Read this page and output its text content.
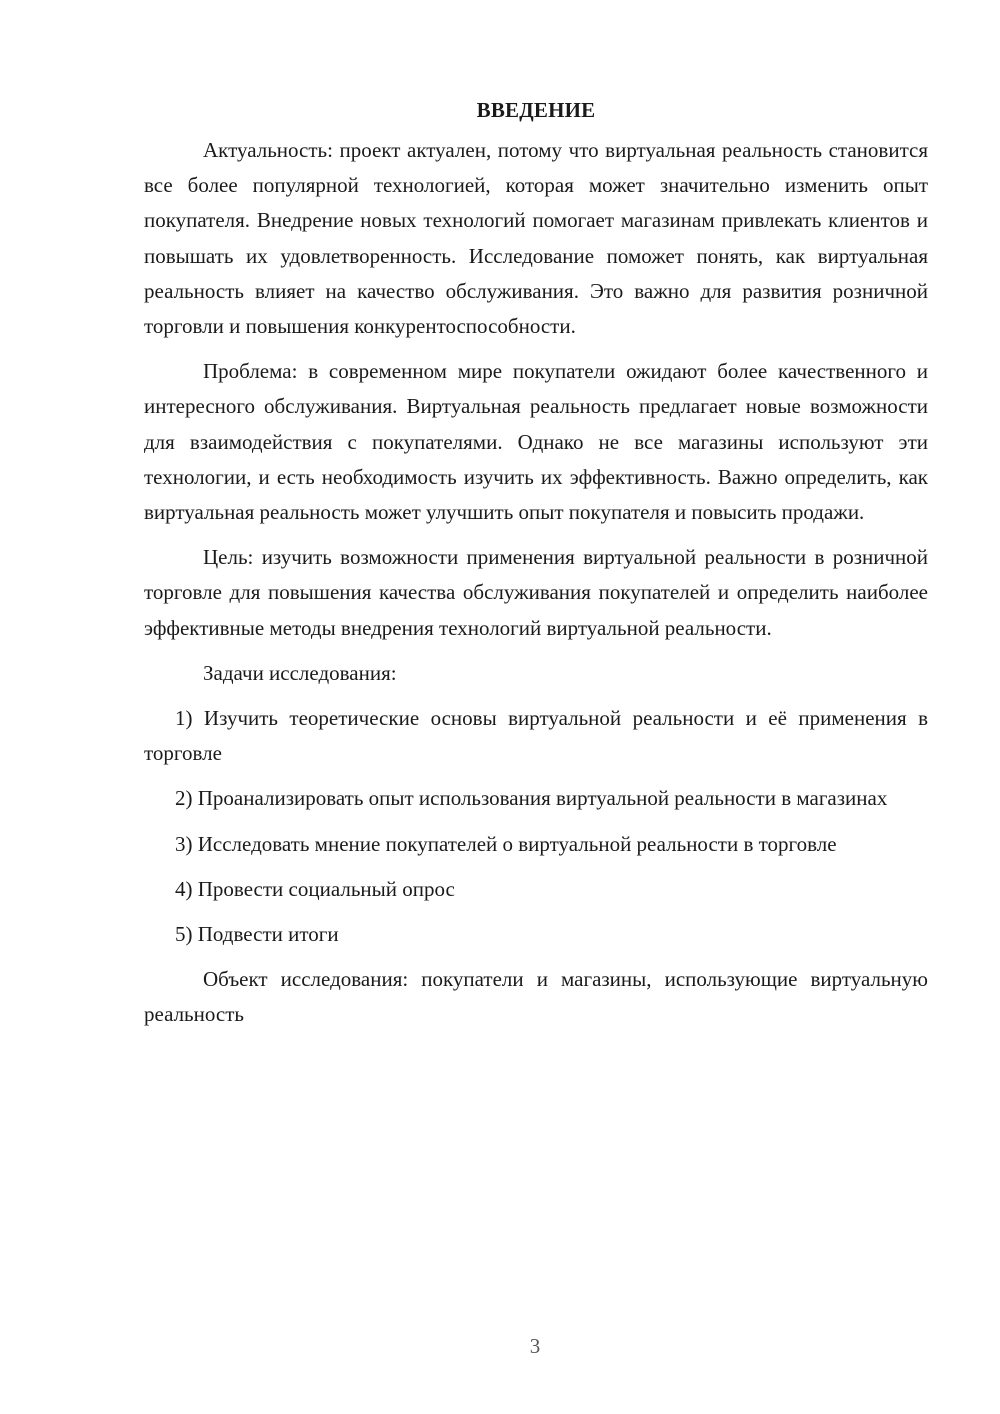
ВВЕДЕНИЕ

Актуальность: проект актуален, потому что виртуальная реальность становится все более популярной технологией, которая может значительно изменить опыт покупателя. Внедрение новых технологий помогает магазинам привлекать клиентов и повышать их удовлетворенность. Исследование поможет понять, как виртуальная реальность влияет на качество обслуживания. Это важно для развития розничной торговли и повышения конкурентоспособности.

Проблема: в современном мире покупатели ожидают более качественного и интересного обслуживания. Виртуальная реальность предлагает новые возможности для взаимодействия с покупателями. Однако не все магазины используют эти технологии, и есть необходимость изучить их эффективность. Важно определить, как виртуальная реальность может улучшить опыт покупателя и повысить продажи.

Цель: изучить возможности применения виртуальной реальности в розничной торговле для повышения качества обслуживания покупателей и определить наиболее эффективные методы внедрения технологий виртуальной реальности.

Задачи исследования:

1) Изучить теоретические основы виртуальной реальности и её применения в торговле

2) Проанализировать опыт использования виртуальной реальности в магазинах

3) Исследовать мнение покупателей о виртуальной реальности в торговле

4) Провести социальный опрос

5) Подвести итоги

Объект исследования: покупатели и магазины, использующие виртуальную реальность

3
